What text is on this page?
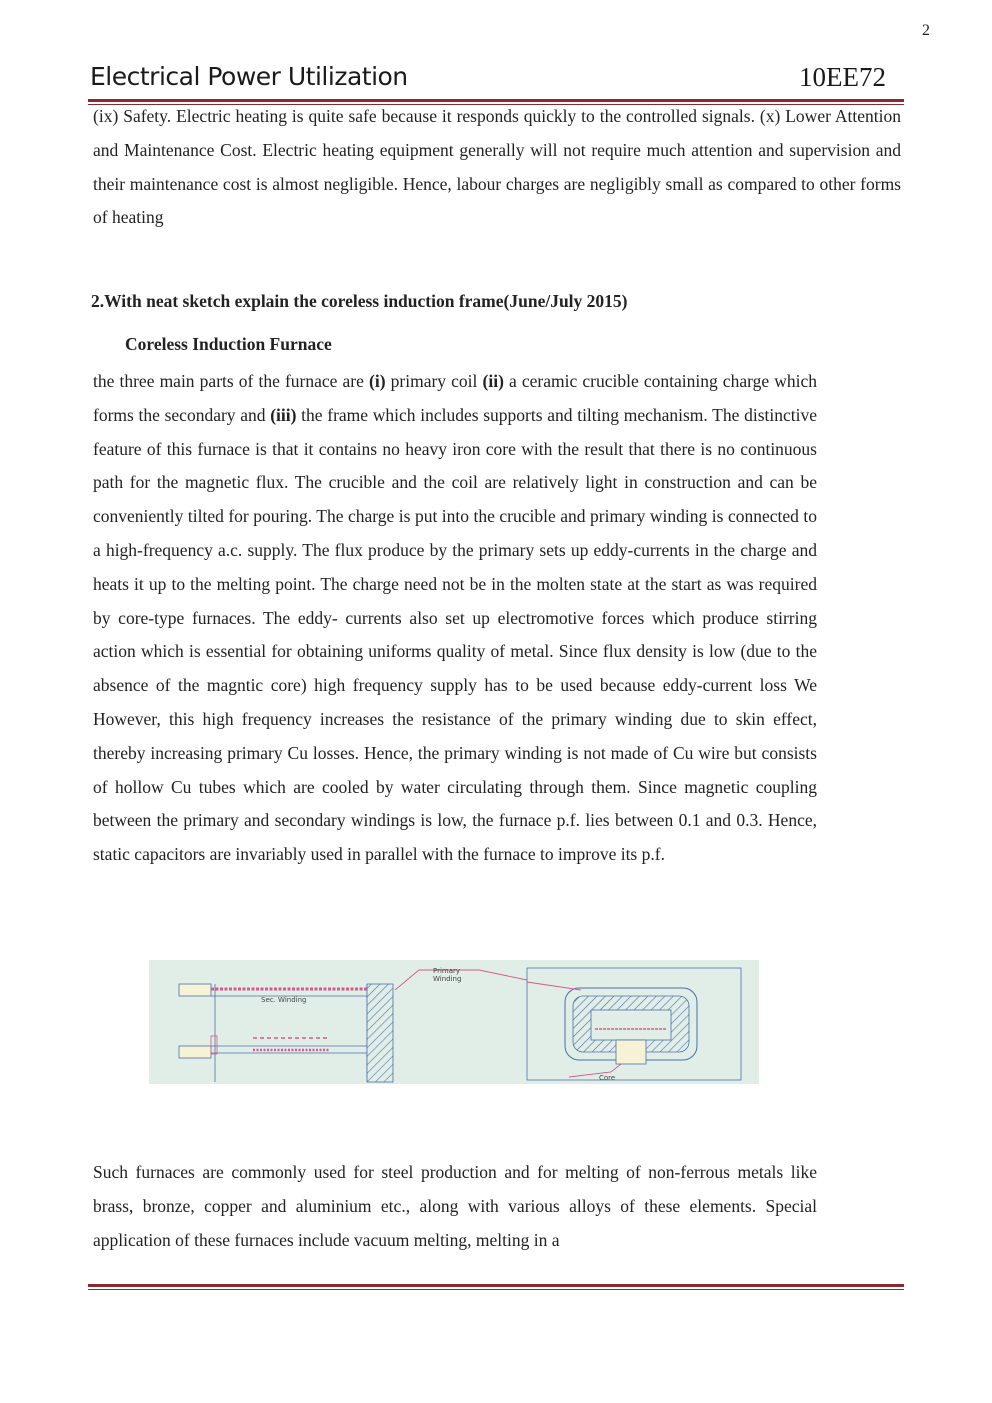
2
Electrical Power Utilization	10EE72

(ix) Safety. Electric heating is quite safe because it responds quickly to the controlled signals. (x) Lower Attention and Maintenance Cost. Electric heating equipment generally will not require much attention and supervision and their maintenance cost is almost negligible. Hence, labour charges are negligibly small as compared to other forms of heating

2.With neat sketch explain the coreless induction frame(June/July 2015)
Coreless Induction Furnace

the three main parts of the furnace are (i) primary coil (ii) a ceramic crucible containing charge which forms the secondary and (iii) the frame which includes supports and tilting mechanism. The distinctive feature of this furnace is that it contains no heavy iron core with the result that there is no continuous path for the magnetic flux. The crucible and the coil are relatively light in construction and can be conveniently tilted for pouring. The charge is put into the crucible and primary winding is connected to a high-frequency a.c. supply. The flux produce by the primary sets up eddy-currents in the charge and heats it up to the melting point. The charge need not be in the molten state at the start as was required by core-type furnaces. The eddy- currents also set up electromotive forces which produce stirring action which is essential for obtaining uniforms quality of metal. Since flux density is low (due to the absence of the magntic core) high frequency supply has to be used because eddy-current loss We However, this high frequency increases the resistance of the primary winding due to skin effect, thereby increasing primary Cu losses. Hence, the primary winding is not made of Cu wire but consists of hollow Cu tubes which are cooled by water circulating through them. Since magnetic coupling between the primary and secondary windings is low, the furnace p.f. lies between 0.1 and 0.3. Hence, static capacitors are invariably used in parallel with the furnace to improve its p.f.

Sec. Winding
Primary
Winding
Core

Such furnaces are commonly used for steel production and for melting of non-ferrous metals like brass, bronze, copper and aluminium etc., along with various alloys of these elements. Special application of these furnaces include vacuum melting, melting in a
